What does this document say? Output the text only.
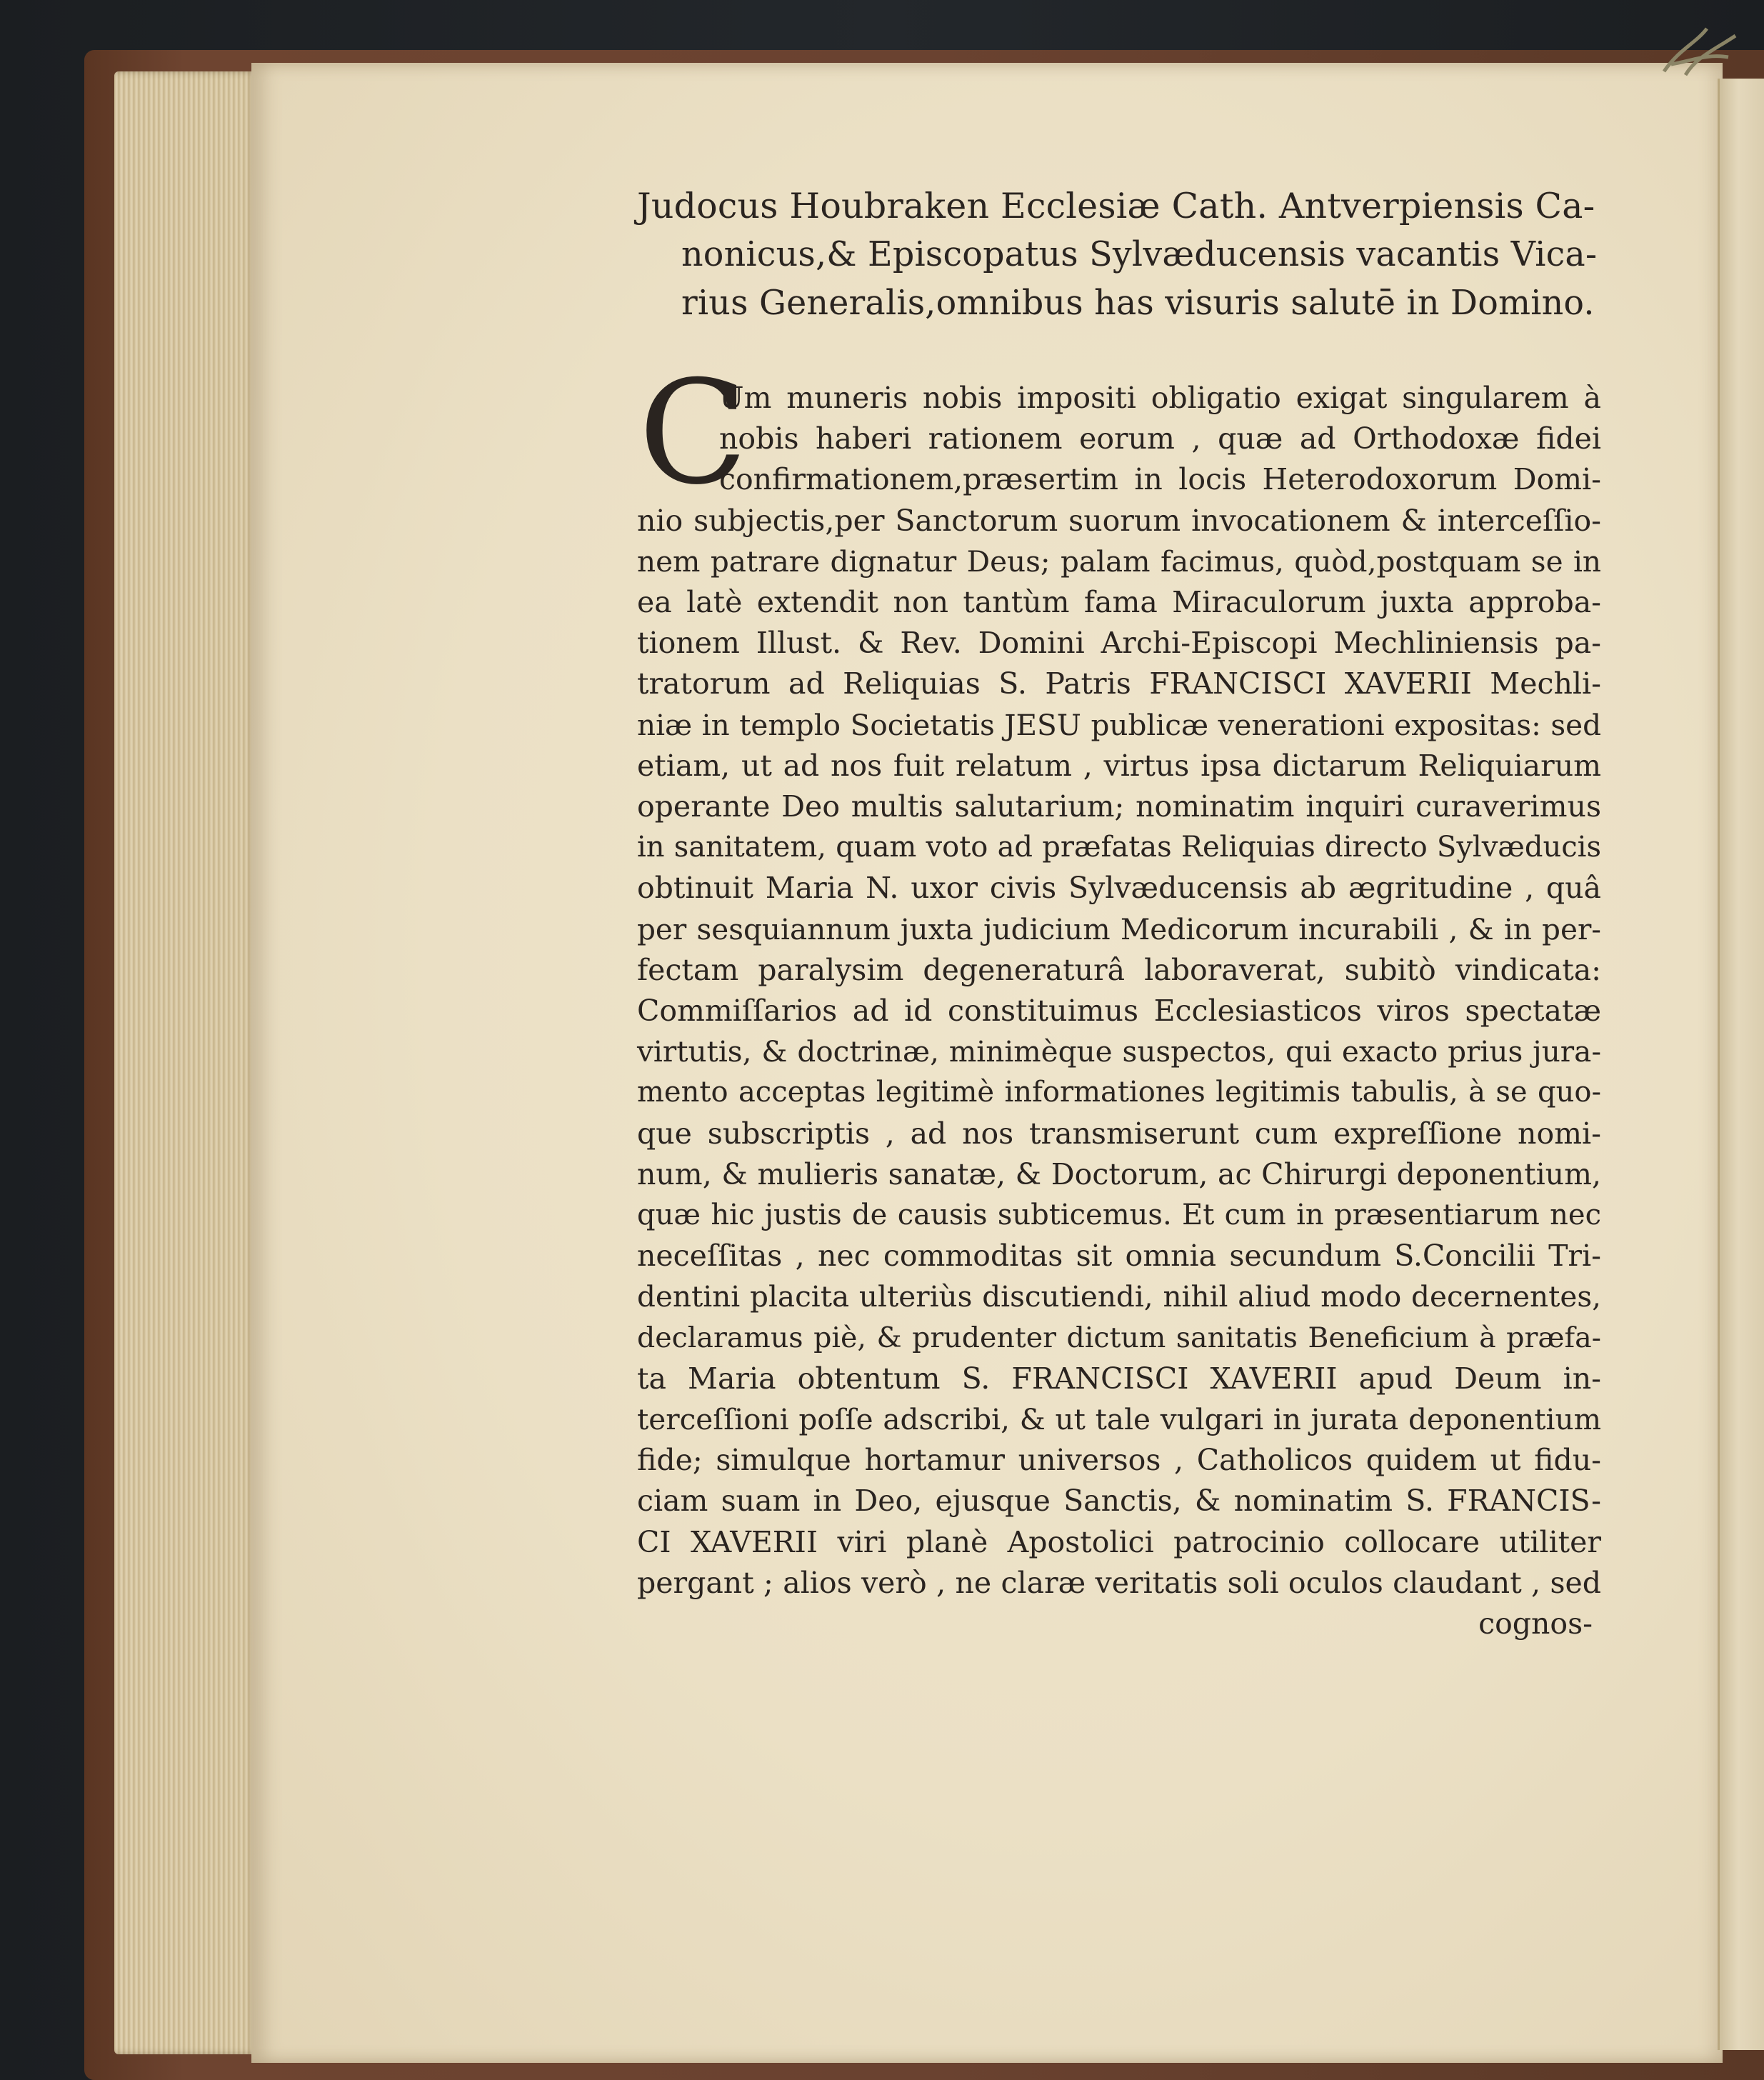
Judocus Houbraken Ecclesiæ Cath. Antverpiensis Ca-
nonicus,& Episcopatus Sylvæducensis vacantis Vica-
rius Generalis,omnibus has visuris salutē in Domino.
C
Um muneris nobis impositi obligatio exigat singularem à
nobis haberi rationem eorum , quæ ad Orthodoxæ fidei
confirmationem,præsertim in locis Heterodoxorum Domi-
nio subjectis,per Sanctorum suorum invocationem & interceſſio-
nem patrare dignatur Deus; palam facimus, quòd,postquam se in
ea latè extendit non tantùm fama Miraculorum juxta approba-
tionem Illust. & Rev. Domini Archi-Episcopi Mechliniensis pa-
tratorum ad Reliquias S. Patris FRANCISCI XAVERII Mechli-
niæ in templo Societatis JESU publicæ venerationi expositas: sed
etiam, ut ad nos fuit relatum , virtus ipsa dictarum Reliquiarum
operante Deo multis salutarium; nominatim inquiri curaverimus
in sanitatem, quam voto ad præfatas Reliquias directo Sylvæducis
obtinuit Maria N. uxor civis Sylvæducensis ab ægritudine , quâ
per sesquiannum juxta judicium Medicorum incurabili , & in per-
fectam paralysim degeneraturâ laboraverat, subitò vindicata:
Commiſſarios ad id constituimus Ecclesiasticos viros spectatæ
virtutis, & doctrinæ, minimèque suspectos, qui exacto prius jura-
mento acceptas legitimè informationes legitimis tabulis, à se quo-
que subscriptis , ad nos transmiserunt cum expreſſione nomi-
num, & mulieris sanatæ, & Doctorum, ac Chirurgi deponentium,
quæ hic justis de causis subticemus. Et cum in præsentiarum nec
neceſſitas , nec commoditas sit omnia secundum S.Concilii Tri-
dentini placita ulteriùs discutiendi, nihil aliud modo decernentes,
declaramus piè, & prudenter dictum sanitatis Beneficium à præfa-
ta Maria obtentum S. FRANCISCI XAVERII apud Deum in-
terceſſioni poſſe adscribi, & ut tale vulgari in jurata deponentium
fide; simulque hortamur universos , Catholicos quidem ut fidu-
ciam suam in Deo, ejusque Sanctis, & nominatim S. FRANCIS-
CI XAVERII viri planè Apostolici patrocinio collocare utiliter
pergant ; alios verò , ne claræ veritatis soli oculos claudant , sed
cognos-
